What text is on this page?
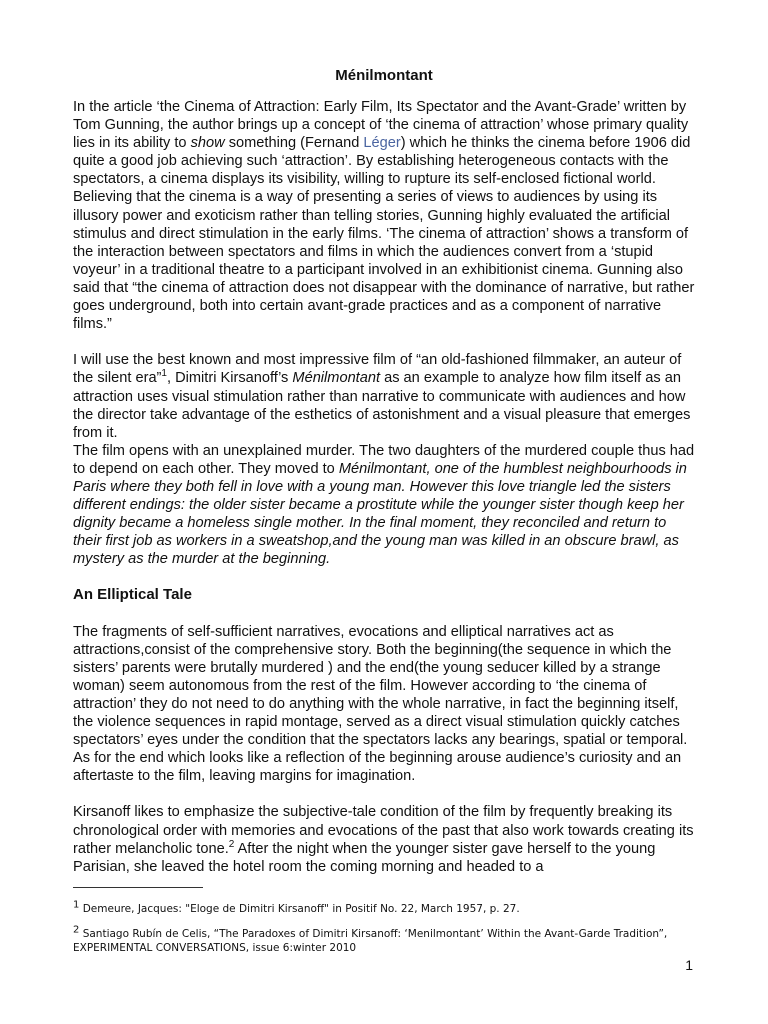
Ménilmontant

In the article ‘the Cinema of Attraction: Early Film, Its Spectator and the Avant-Grade’ written by Tom Gunning, the author brings up a concept of ‘the cinema of attraction’ whose primary quality lies in its ability to show something (Fernand Léger) which he thinks the cinema before 1906 did quite a good job achieving such ‘attraction’. By establishing heterogeneous contacts with the spectators, a cinema displays its visibility, willing to rupture its self-enclosed fictional world. Believing that the cinema is a way of presenting a series of views to audiences by using its illusory power and exoticism rather than telling stories, Gunning highly evaluated the artificial stimulus and direct stimulation in the early films. ‘The cinema of attraction’ shows a transform of the interaction between spectators and films in which the audiences convert from a ‘stupid voyeur’ in a traditional theatre to a participant involved in an exhibitionist cinema. Gunning also said that “the cinema of attraction does not disappear with the dominance of narrative, but rather goes underground, both into certain avant-grade practices and as a component of narrative films.”

I will use the best known and most impressive film of “an old-fashioned filmmaker, an auteur of the silent era”$^1$, Dimitri Kirsanoff’s Ménilmontant as an example to analyze how film itself as an attraction uses visual stimulation rather than narrative to communicate with audiences and how the director take advantage of the esthetics of astonishment and a visual pleasure that emerges from it.

The film opens with an unexplained murder. The two daughters of the murdered couple thus had to depend on each other. They moved to Ménilmontant, one of the humblest neighbourhoods in Paris where they both fell in love with a young man. However this love triangle led the sisters different endings: the older sister became a prostitute while the younger sister though keep her dignity became a homeless single mother. In the final moment, they reconciled and return to their first job as workers in a sweatshop,and the young man was killed in an obscure brawl, as mystery as the murder at the beginning.

An Elliptical Tale

The fragments of self-sufficient narratives, evocations and elliptical narratives act as attractions,consist of the comprehensive story. Both the beginning(the sequence in which the sisters’ parents were brutally murdered ) and the end(the young seducer killed by a strange woman) seem autonomous from the rest of the film. However according to ‘the cinema of attraction’ they do not need to do anything with the whole narrative, in fact the beginning itself, the violence sequences in rapid montage, served as a direct visual stimulation quickly catches spectators’ eyes under the condition that the spectators lacks any bearings, spatial or temporal. As for the end which looks like a reflection of the beginning arouse audience’s curiosity and an aftertaste to the film, leaving margins for imagination.

Kirsanoff likes to emphasize the subjective-tale condition of the film by frequently breaking its chronological order with memories and evocations of the past that also work towards creating its rather melancholic tone.$^2$ After the night when the younger sister gave herself to the young Parisian, she leaved the hotel room the coming morning and headed to a

$^1$ Demeure, Jacques: "Eloge de Dimitri Kirsanoff" in Positif No. 22, March 1957, p. 27.

$^2$ Santiago Rubín de Celis, “The Paradoxes of Dimitri Kirsanoff: ‘Menilmontant’ Within the Avant-Garde Tradition”, EXPERIMENTAL CONVERSATIONS, issue 6:winter 2010

1
